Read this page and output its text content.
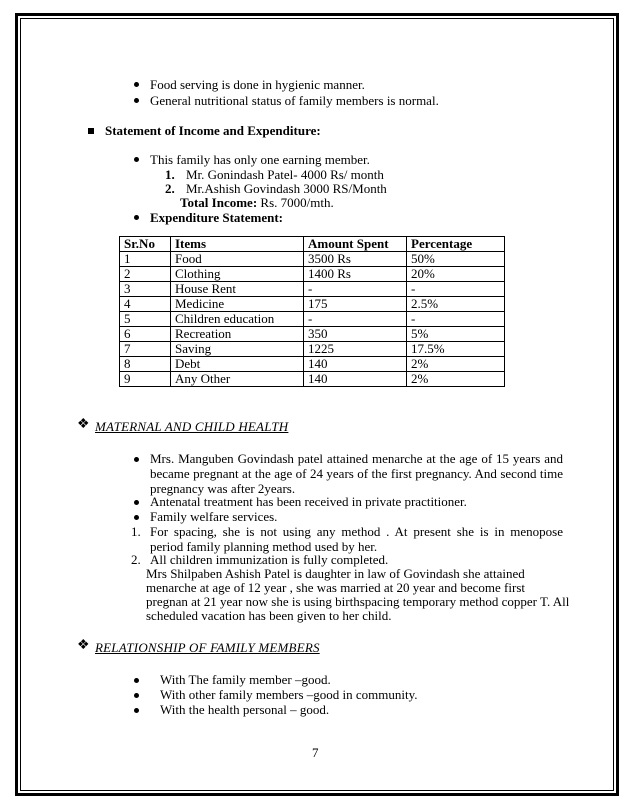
Food serving is done in hygienic manner.
General nutritional status of family members is normal.
Statement of Income and Expenditure:
This family has only one earning member.
1. Mr. Gonindash Patel- 4000 Rs/ month
2. Mr.Ashish Govindash 3000 RS/Month
Total Income: Rs. 7000/mth.
Expenditure Statement:
Sr.No	Items	Amount Spent	Percentage
1	Food	3500 Rs	50%
2	Clothing	1400 Rs	20%
3	House Rent	-	-
4	Medicine	175	2.5%
5	Children education	-	-
6	Recreation	350	5%
7	Saving	1225	17.5%
8	Debt	140	2%
9	Any Other	140	2%
❖ MATERNAL AND CHILD HEALTH
Mrs. Manguben Govindash patel attained menarche at the age of 15 years and became pregnant at the age of 24 years of the first pregnancy. And second time pregnancy was after 2years.
Antenatal treatment has been received in private practitioner.
Family welfare services.
1. For spacing, she is not using any method . At present she is in menopose period family planning method used by her.
2. All children immunization is fully completed.
Mrs Shilpaben Ashish Patel is daughter in law of Govindash she attained
menarche at age of 12 year , she was married at 20 year and become first
pregnan at 21 year now she is using birthspacing temporary method copper T. All
scheduled vacation has been given to her child.
❖ RELATIONSHIP OF FAMILY MEMBERS
With The family member –good.
With other family members –good in community.
With the health personal – good.
7
